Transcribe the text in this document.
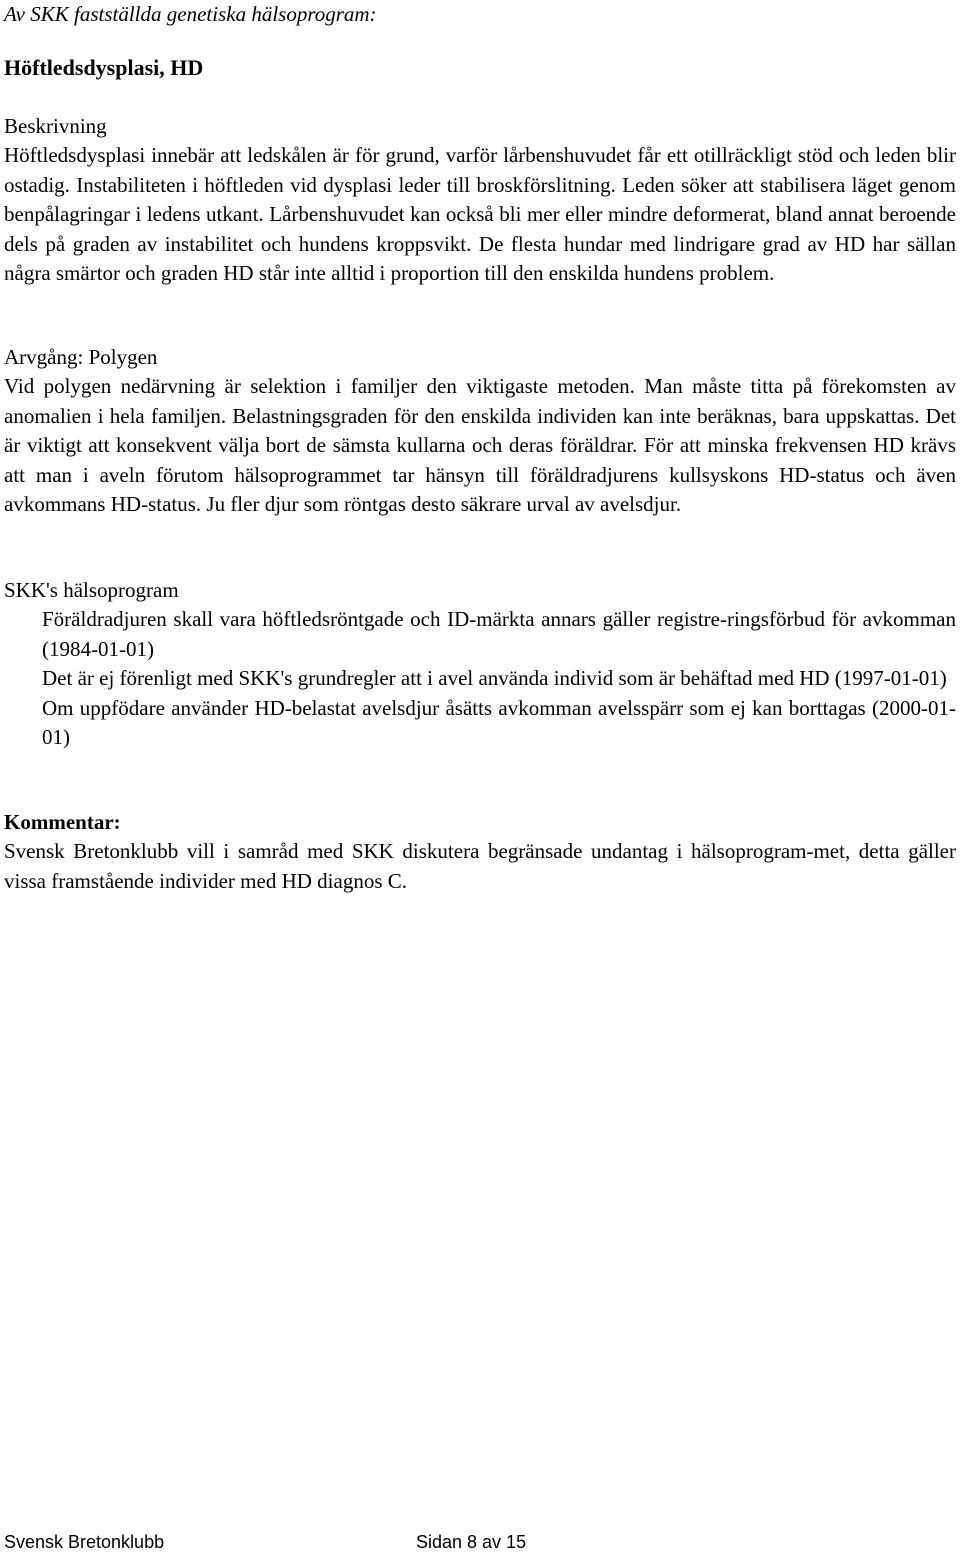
Av SKK fastställda genetiska hälsoprogram:
Höftledsdysplasi, HD
Beskrivning

Höftledsdysplasi innebär att ledskålen är för grund, varför lårbenshuvudet får ett otillräckligt stöd och leden blir ostadig. Instabiliteten i höftleden vid dysplasi leder till broskförslitning. Leden söker att stabilisera läget genom benpålagringar i ledens utkant. Lårbenshuvudet kan också bli mer eller mindre deformerat, bland annat beroende dels på graden av instabilitet och hundens kroppsvikt. De flesta hundar med lindrigare grad av HD har sällan några smärtor och graden HD står inte alltid i proportion till den enskilda hundens problem.

Arvgång: Polygen

Vid polygen nedärvning är selektion i familjer den viktigaste metoden. Man måste titta på förekomsten av anomalien i hela familjen. Belastningsgraden för den enskilda individen kan inte beräknas, bara uppskattas. Det är viktigt att konsekvent välja bort de sämsta kullarna och deras föräldrar. För att minska frekvensen HD krävs att man i aveln förutom hälsoprogrammet tar hänsyn till föräldradjurens kullsyskons HD-status och även avkommans HD-status. Ju fler djur som röntgas desto säkrare urval av avelsdjur.

SKK's hälsoprogram
Föräldradjuren skall vara höftledsröntgade och ID-märkta annars gäller registre-ringsförbud för avkomman (1984-01-01)
Det är ej förenligt med SKK's grundregler att i avel använda individ som är behäftad med HD (1997-01-01)
Om uppfödare använder HD-belastat avelsdjur åsätts avkomman avelsspärr som ej kan borttagas (2000-01-01)
Kommentar:

Svensk Bretonklubb vill i samråd med SKK diskutera begränsade undantag i hälsoprogram-met, detta gäller vissa framstående individer med HD diagnos C.

Svensk Bretonklubb	Sidan 8 av 15
